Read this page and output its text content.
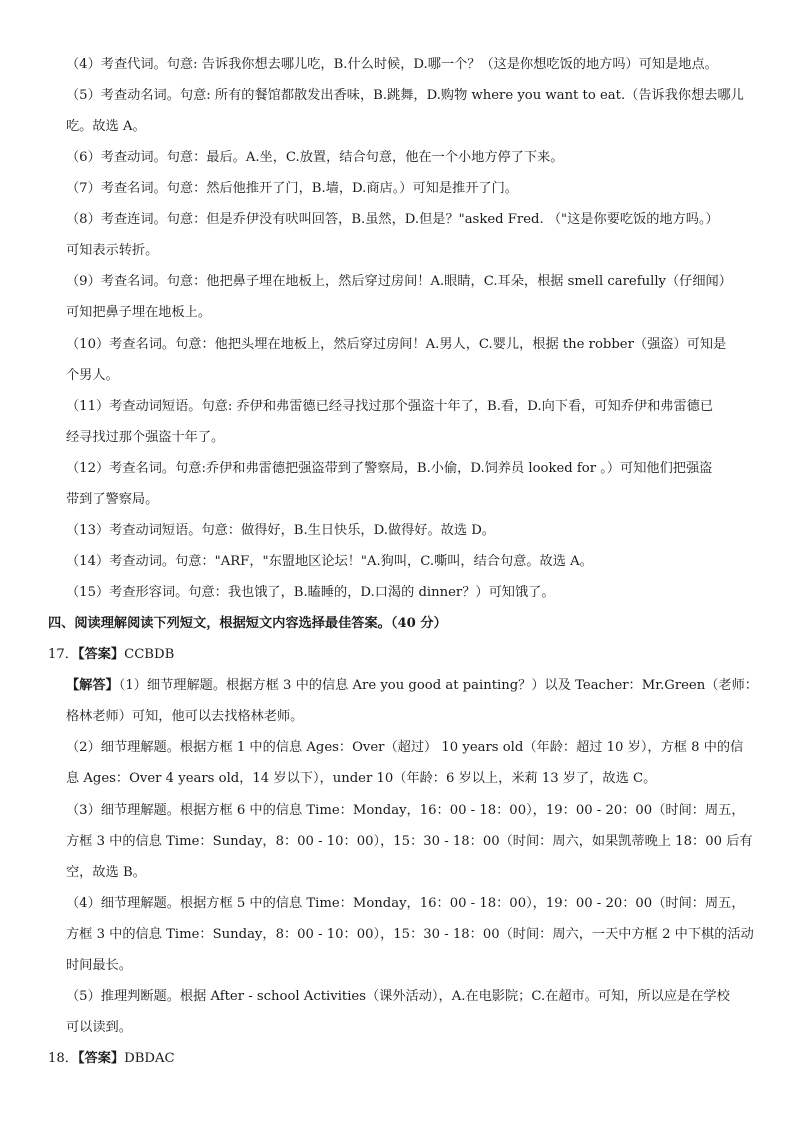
（4）考查代词。句意: 告诉我你想去哪儿吃，B.什么时候，D.哪一个？（这是你想吃饭的地方吗）可知是地点。
（5）考查动名词。句意: 所有的餐馆都散发出香味，B.跳舞，D.购物 where you want to eat.（告诉我你想去哪儿
吃。故选 A。
（6）考查动词。句意：最后。A.坐，C.放置，结合句意，他在一个小地方停了下来。
（7）考查名词。句意：然后他推开了门，B.墙，D.商店。）可知是推开了门。
（8）考查连词。句意：但是乔伊没有吠叫回答，B.虽然，D.但是？"asked Fred. （"这是你要吃饭的地方吗。）
可知表示转折。
（9）考查名词。句意：他把鼻子埋在地板上，然后穿过房间！A.眼睛，C.耳朵，根据 smell carefully（仔细闻）
可知把鼻子埋在地板上。
（10）考查名词。句意：他把头埋在地板上，然后穿过房间！A.男人，C.婴儿，根据 the robber（强盗）可知是
个男人。
（11）考查动词短语。句意: 乔伊和弗雷德已经寻找过那个强盗十年了，B.看，D.向下看，可知乔伊和弗雷德已
经寻找过那个强盗十年了。
（12）考查名词。句意:乔伊和弗雷德把强盗带到了警察局，B.小偷，D.饲养员 looked for 。）可知他们把强盗
带到了警察局。
（13）考查动词短语。句意：做得好，B.生日快乐，D.做得好。故选 D。
（14）考查动词。句意："ARF，"东盟地区论坛！"A.狗叫，C.嘶叫，结合句意。故选 A。
（15）考查形容词。句意：我也饿了，B.瞌睡的，D.口渴的 dinner？）可知饿了。
四、阅读理解阅读下列短文，根据短文内容选择最佳答案。（40 分）
17．【答案】CCBDB
【解答】（1）细节理解题。根据方框 3 中的信息 Are you good at painting？）以及 Teacher：Mr.Green（老师：
格林老师）可知，他可以去找格林老师。
（2）细节理解题。根据方框 1 中的信息 Ages：Over（超过） 10 years old（年龄：超过 10 岁），方框 8 中的信
息 Ages：Over 4 years old，14 岁以下），under 10（年龄：6 岁以上，米莉 13 岁了，故选 C。
（3）细节理解题。根据方框 6 中的信息 Time：Monday，16：00 - 18：00），19：00 - 20：00（时间：周五，
方框 3 中的信息 Time：Sunday，8：00 - 10：00），15：30 - 18：00（时间：周六，如果凯蒂晚上 18：00 后有
空，故选 B。
（4）细节理解题。根据方框 5 中的信息 Time：Monday，16：00 - 18：00），19：00 - 20：00（时间：周五，
方框 3 中的信息 Time：Sunday，8：00 - 10：00），15：30 - 18：00（时间：周六，一天中方框 2 中下棋的活动
时间最长。
（5）推理判断题。根据 After - school Activities（课外活动），A.在电影院；C.在超市。可知，所以应是在学校
可以读到。
18．【答案】DBDAC
